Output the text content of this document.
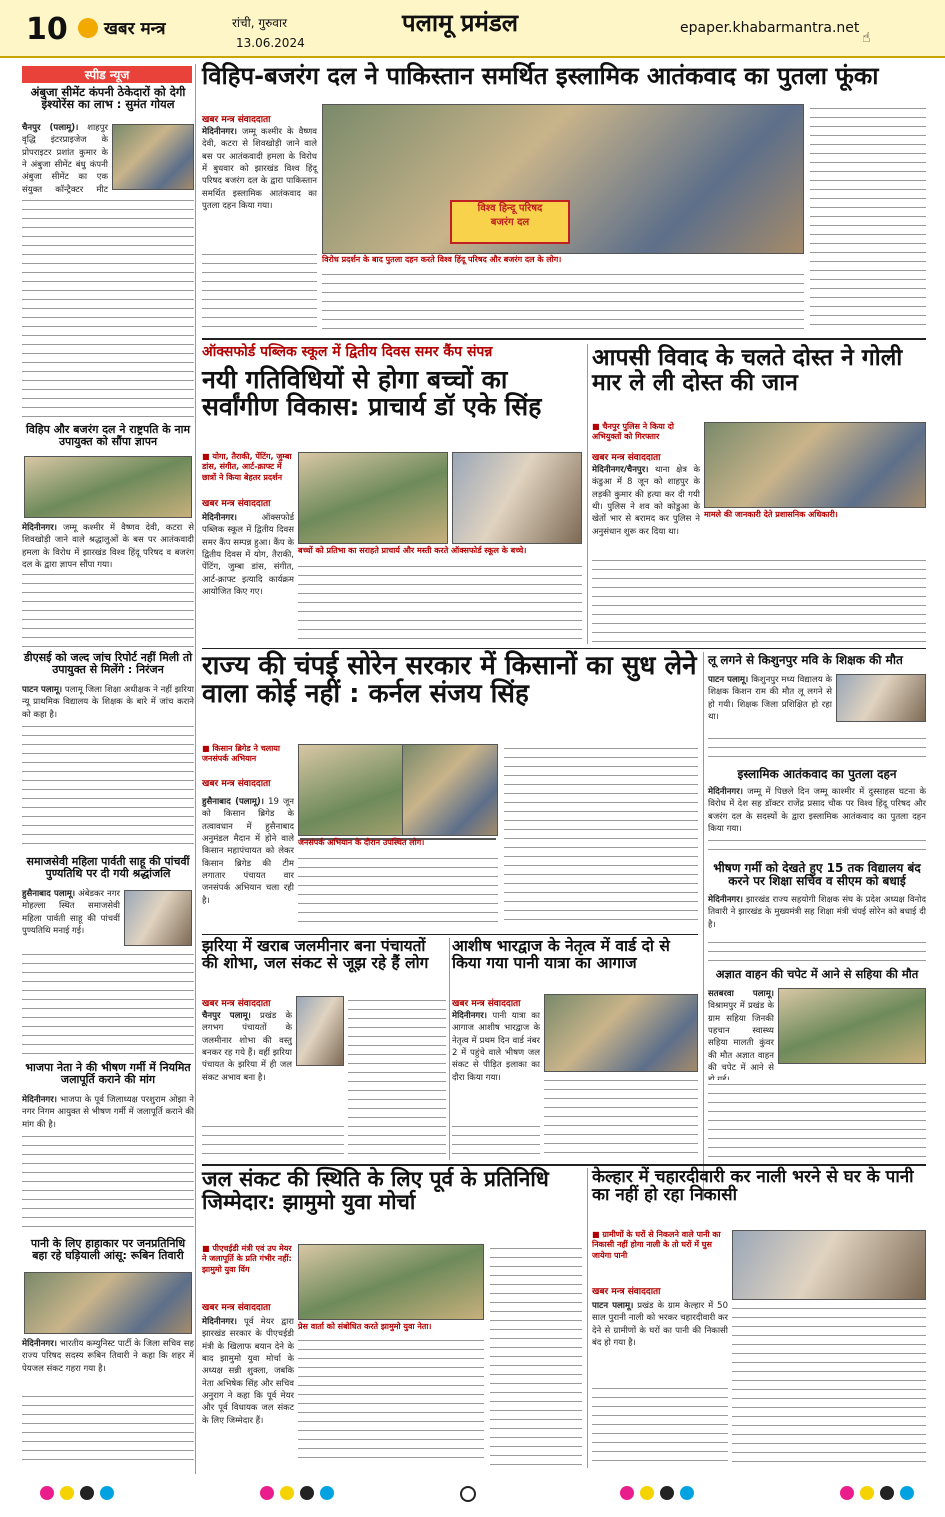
10	खबर मन्त्र	रांची, गुरुवार
13.06.2024
पलामू प्रमंडल	epaper.khabarmantra.net
☝
स्पीड न्यूज
अंबुजा सीमेंट कंपनी ठेकेदारों को देगी इंश्योरेंस का लाभ : सुमंत गोयल
चैनपुर (पलामू)। शाहपुर वृद्धि इंटरप्राइजेज के प्रोपराइटर प्रशांत कुमार के ने अंबुजा सीमेंट बंधु कंपनी अंबुजा सीमेंट का एक संयुक्त कॉन्ट्रैक्टर मीट
विहिप और बजरंग दल ने राष्ट्रपति के नाम उपायुक्त को सौंपा ज्ञापन
मेदिनीनगर। जम्मू कश्मीर में वैष्णव देवी, कटरा से शिवखोड़ी जाने वाले श्रद्धालुओं के बस पर आतंकवादी हमला के विरोध में झारखंड विश्व हिंदू परिषद व बजरंग दल के द्वारा ज्ञापन सौंपा गया।
डीएसई को जल्द जांच रिपोर्ट नहीं मिली तो उपायुक्त से मिलेंगे : निरंजन
पाटन पलामू। पलामू जिला शिक्षा अधीक्षक ने नहीं झरिया न्यू प्राथमिक विद्यालय के शिक्षक के बारे में जांच कराने को कहा है।
समाजसेवी महिला पार्वती साहू की पांचवीं पुण्यतिथि पर दी गयी श्रद्धांजलि
हुसैनाबाद पलामू। अंबेडकर नगर मोहल्ला स्थित समाजसेवी महिला पार्वती साहू की पांचवीं पुण्यतिथि मनाई गई।
भाजपा नेता ने की भीषण गर्मी में नियमित जलापूर्ति कराने की मांग
मेदिनीनगर। भाजपा के पूर्व जिलाध्यक्ष परशुराम ओझा ने नगर निगम आयुक्त से भीषण गर्मी में जलापूर्ति कराने की मांग की है।
पानी के लिए हाहाकार पर जनप्रतिनिधि बहा रहे घड़ियाली आंसू: रूबिन तिवारी
मेदिनीनगर। भारतीय कम्युनिस्ट पार्टी के जिला सचिव सह राज्य परिषद सदस्य रूबिन तिवारी ने कहा कि शहर में पेयजल संकट गहरा गया है।
विहिप-बजरंग दल ने पाकिस्तान समर्थित इस्लामिक आतंकवाद का पुतला फूंका
खबर मन्त्र संवाददाता
मेदिनीनगर। जम्मू कश्मीर के वैष्णव देवी, कटरा से शिवखोड़ी जाने वाले बस पर आतंकवादी हमला के विरोध में बुधवार को झारखंड विश्व हिंदू परिषद बजरंग दल के द्वारा पाकिस्तान समर्थित इस्लामिक आतंकवाद का पुतला दहन किया गया।	विश्व हिन्दू परिषद
बजरंग दल
विरोध प्रदर्शन के बाद पुतला दहन करते विश्व हिंदू परिषद और बजरंग दल के लोग।
ऑक्सफोर्ड पब्लिक स्कूल में द्वितीय दिवस समर कैंप संपन्न
नयी गतिविधियों से होगा बच्चों का सर्वांगीण विकास: प्राचार्य डॉ एके सिंह
■ योगा, तैराकी, पेंटिंग, जुम्बा डांस, संगीत, आर्ट-क्राफ्ट में छात्रों ने किया बेहतर प्रदर्शन
खबर मन्त्र संवाददाता
बच्चों को प्रतिभा का सराहते प्राचार्य और मस्ती करते ऑक्सफोर्ड स्कूल के बच्चे।
मेदिनीनगर।	ऑक्सफोर्ड पब्लिक स्कूल में द्वितीय दिवस समर कैंप सम्पन्न हुआ। कैंप के द्वितीय दिवस में योग, तैराकी, पेंटिंग, जुम्बा डांस, संगीत, आर्ट-क्राफ्ट इत्यादि कार्यक्रम आयोजित किए गए।
आपसी विवाद के चलते दोस्त ने गोली मार ले ली दोस्त की जान
■ चैनपुर पुलिस ने किया दो अभियुक्तों को गिरफ्तार
खबर मन्त्र संवाददाता
मेदिनीनगर/चैनपुर। थाना क्षेत्र के कंडुआ में 8 जून को शाहपुर के लड़की कुमार की हत्या कर दी गयी थी। पुलिस ने शव को कोडुआ के खेतों भार से बरामद कर पुलिस ने अनुसंधान शुरू कर दिया था।
मामले की जानकारी देते प्रशासनिक अधिकारी।
राज्य की चंपई सोरेन सरकार में किसानों का सुध लेने वाला कोई नहीं : कर्नल संजय सिंह
■ किसान ब्रिगेड ने चलाया जनसंपर्क अभियान
खबर मन्त्र संवाददाता
हुसैनाबाद (पलामू)। 19 जून को किसान ब्रिगेड के तत्वावधान में हुसैनाबाद अनुमंडल मैदान में होने वाले किसान महापंचायत को लेकर किसान ब्रिगेड की टीम लगातार पंचायत वार जनसंपर्क अभियान चला रही है।
जनसंपर्क अभियान के दौरान उपस्थित लोग।
लू लगने से किशुनपुर मवि के शिक्षक की मौत
पाटन पलामू। किशुनपुर मध्य विद्यालय के शिक्षक किशन राम की मौत लू लगने से हो गयी। शिक्षक जिला प्रशिक्षित हो रहा था।
इस्लामिक आतंकवाद का पुतला दहन
मेदिनीनगर। जम्मू में पिछले दिन जम्मू काश्मीर में दुस्साहस घटना के विरोध में देश सह डॉक्टर राजेंद्र प्रसाद चौक पर विश्व हिंदू परिषद और बजरंग दल के सदस्यों के द्वारा इस्लामिक आतंकवाद का पुतला दहन किया गया।
भीषण गर्मी को देखते हुए 15 तक विद्यालय बंद करने पर शिक्षा सचिव व सीएम को बधाई
मेदिनीनगर। झारखंड राज्य सहयोगी शिक्षक संघ के प्रदेश अध्यक्ष विनोद तिवारी ने झारखंड के मुख्यमंत्री सह शिक्षा मंत्री चंपई सोरेन को बधाई दी है।
अज्ञात वाहन की चपेट में आने से सहिया की मौत
सतबरवा पलामू। विश्रामपुर में प्रखंड के ग्राम सहिया जिनकी पहचान स्वास्थ्य सहिया मालती कुंवर की मौत अज्ञात वाहन की चपेट में आने से
झरिया में खराब जलमीनार बना पंचायतों की शोभा, जल संकट से जूझ रहे हैं लोग
खबर मन्त्र संवाददाता
चैनपुर पलामू। प्रखंड के लगभग पंचायतों के जलमीनार शोभा की वस्तु बनकर रह गये हैं। वहीं झरिया पंचायत के झरिया में ही जल संकट अभाव बना है।
आशीष भारद्वाज के नेतृत्व में वार्ड दो से किया गया पानी यात्रा का आगाज
खबर मन्त्र संवाददाता
मेदिनीनगर। पानी यात्रा का आगाज आशीष भारद्वाज के नेतृत्व में प्रथम दिन वार्ड नंबर 2 में पहुंचे वाले भीषण जल संकट से पीड़ित इलाका का दौरा किया गया।
जल संकट की स्थिति के लिए पूर्व के प्रतिनिधि जिम्मेदार: झामुमो युवा मोर्चा
■ पीएचईडी मंत्री एवं उप मेयर ने जलापूर्ति के प्रति गंभीर नहीं: झामुमो युवा विंग
खबर मन्त्र संवाददाता
मेदिनीनगर। पूर्व मेयर द्वारा झारखंड सरकार के पीएचईडी मंत्री के खिलाफ बयान देने के बाद झामुमो युवा मोर्चा के अध्यक्ष सन्नी शुक्ला, जबकि नेता अभिषेक सिंह और सचिव अनुराग ने कहा कि पूर्व मेयर और पूर्व विधायक जल संकट के लिए जिम्मेदार हैं।
प्रेस वार्ता को संबोधित करते झामुमो युवा नेता।
केल्हार में चहारदीवारी कर नाली भरने से घर के पानी का नहीं हो रहा निकासी
■ ग्रामीणों के घरों से निकलने वाले पानी का निकासी नहीं होगा नाली के तो घरों में घुस जायेगा पानी
खबर मन्त्र संवाददाता
पाटन पलामू। प्रखंड के ग्राम केल्हार में 50 साल पुरानी नाली को भरकर चहारदीवारी कर देने से ग्रामीणों के घरों का पानी की निकासी बंद हो गया है।
